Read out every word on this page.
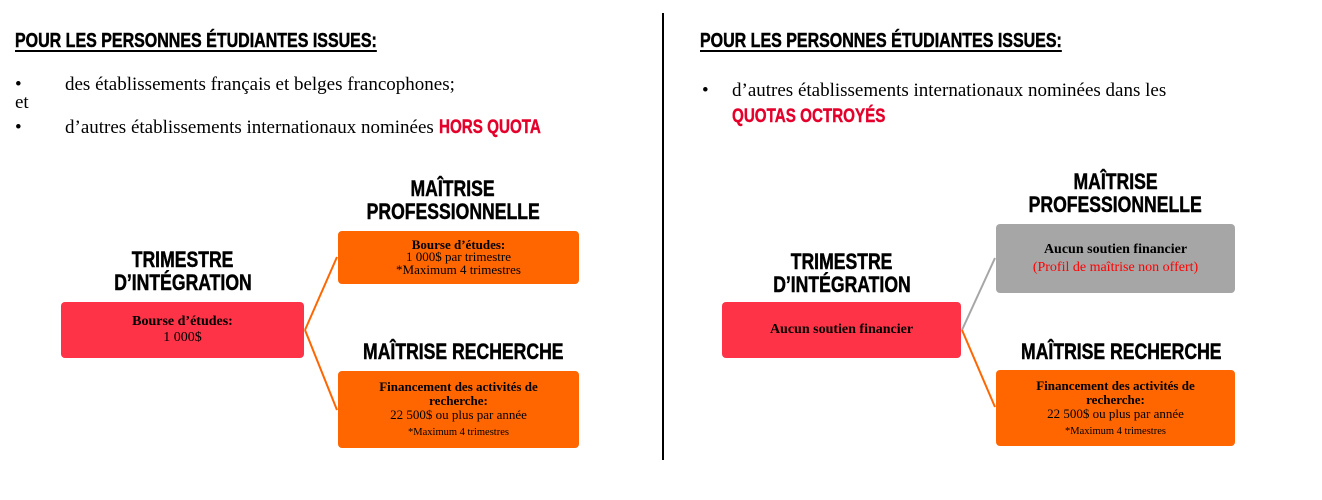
POUR LES PERSONNES ÉTUDIANTES ISSUES:
• des établissements français et belges francophones;
et
• d’autres établissements internationaux nominées HORS QUOTA
TRIMESTRE
D’INTÉGRATION
Bourse d’études:
1 000$
MAÎTRISE
PROFESSIONNELLE
Bourse d’études:
1 000$ par trimestre
*Maximum 4 trimestres
MAÎTRISE RECHERCHE
Financement des activités de
recherche:
22 500$ ou plus par année
*Maximum 4 trimestres
POUR LES PERSONNES ÉTUDIANTES ISSUES:
• d’autres établissements internationaux nominées dans les
QUOTAS OCTROYÉS
TRIMESTRE
D’INTÉGRATION
Aucun soutien financier
MAÎTRISE
PROFESSIONNELLE
Aucun soutien financier
(Profil de maîtrise non offert)
MAÎTRISE RECHERCHE
Financement des activités de
recherche:
22 500$ ou plus par année
*Maximum 4 trimestres
